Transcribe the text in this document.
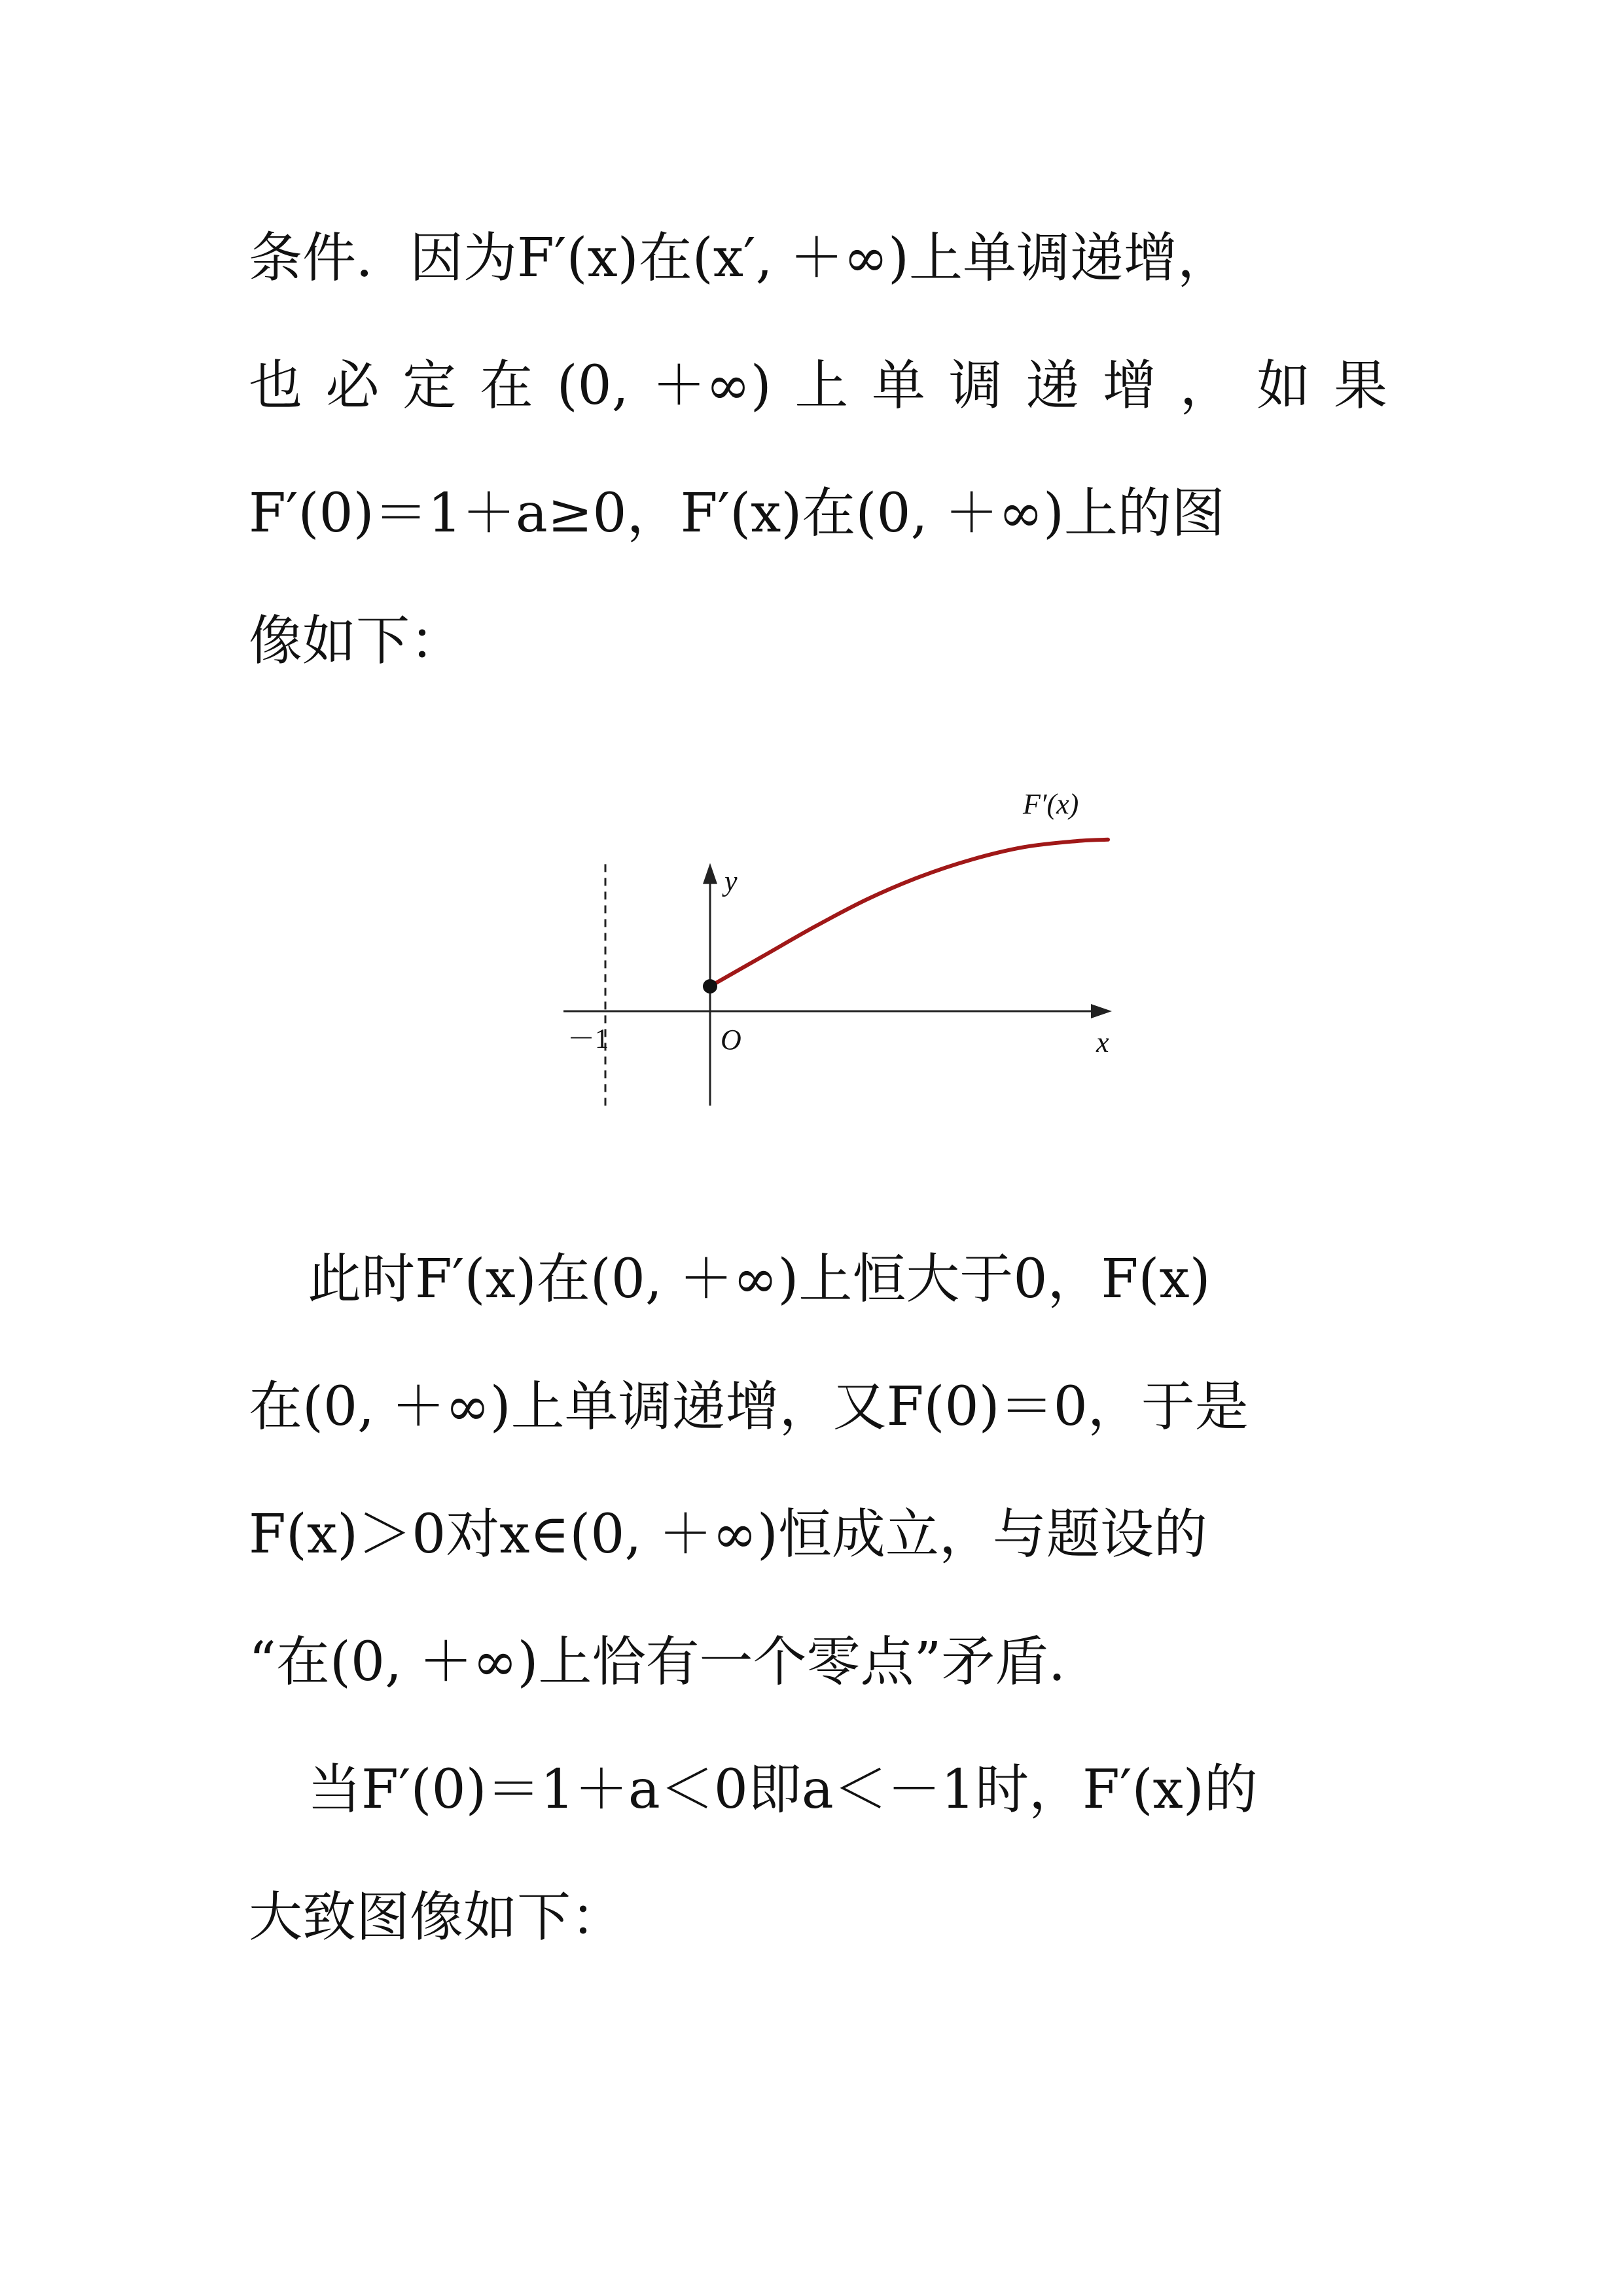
条件．因为F′(x)在(x′, ＋∞)上单调递增，
也 必 定 在 (0, ＋∞) 上 单 调 递 增 ， 如 果
F′(0)＝1＋a≥0，F′(x)在(0, ＋∞)上的图
像如下：
y
x
O
－1
F′(x)
此时F′(x)在(0, ＋∞)上恒大于0，F(x)
在(0, ＋∞)上单调递增，又F(0)＝0，于是
F(x)＞0对x∈(0, ＋∞)恒成立，与题设的
“在(0, ＋∞)上恰有一个零点”矛盾．
当F′(0)＝1＋a＜0即a＜－1时，F′(x)的
大致图像如下：
